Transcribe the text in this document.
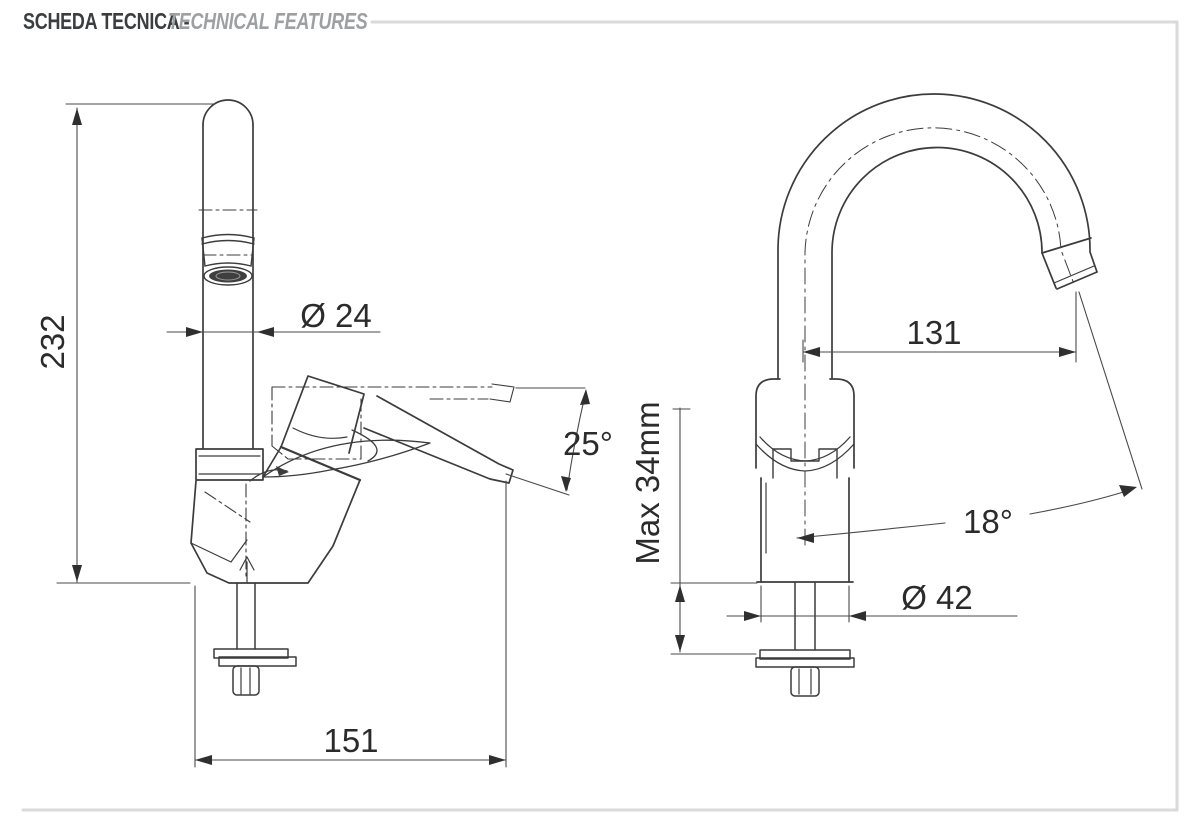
SCHEDA TECNICA -
TECHNICAL FEATURES
232	Ø 24
25°
151
131
18°
Max 34mm
Ø 42
